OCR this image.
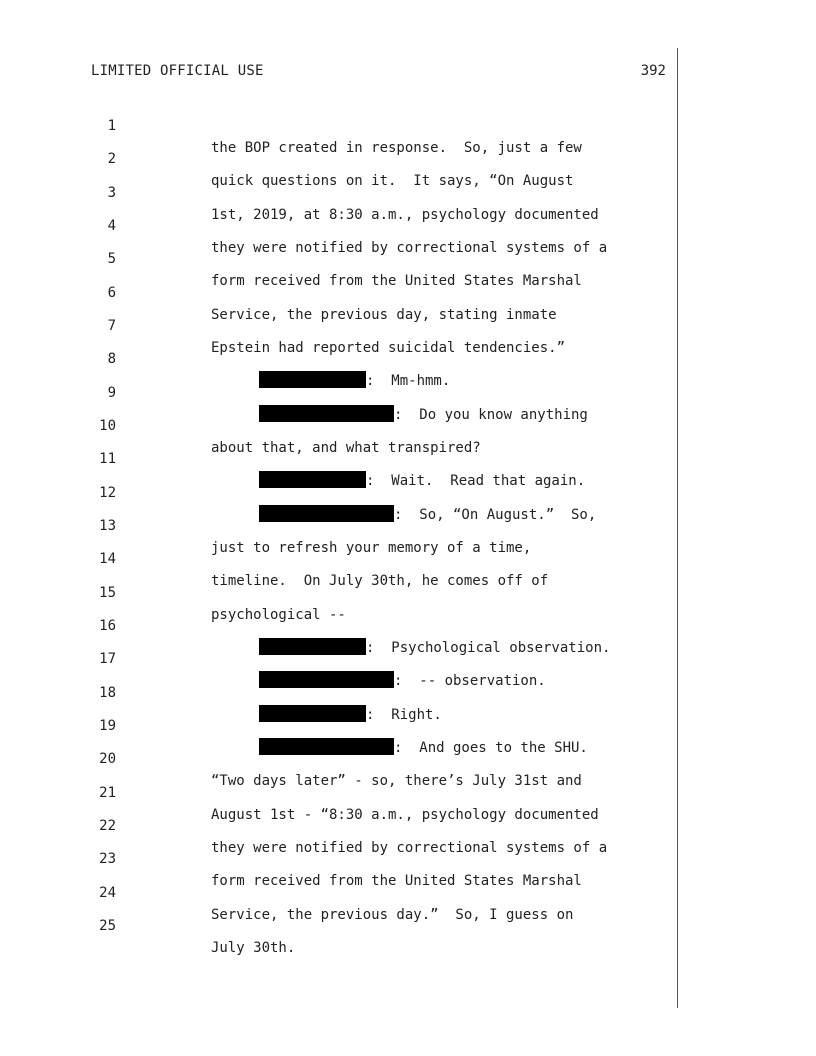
LIMITED OFFICIAL USE	392

1

the BOP created in response.  So, just a few

2

quick questions on it.  It says, “On August

3

1st, 2019, at 8:30 a.m., psychology documented

4

they were notified by correctional systems of a

5

form received from the United States Marshal

6

Service, the previous day, stating inmate

7

Epstein had reported suicidal tendencies.”

8

:  Mm-hmm.

9

:  Do you know anything

10

about that, and what transpired?

11

:  Wait.  Read that again.

12

:  So, “On August.”  So,

13

just to refresh your memory of a time,

14

timeline.  On July 30th, he comes off of

15

psychological --

16

:  Psychological observation.

17

:  -- observation.

18

:  Right.

19

:  And goes to the SHU.

20

“Two days later” - so, there’s July 31st and

21

August 1st - “8:30 a.m., psychology documented

22

they were notified by correctional systems of a

23

form received from the United States Marshal

24

Service, the previous day.”  So, I guess on

25

July 30th.
